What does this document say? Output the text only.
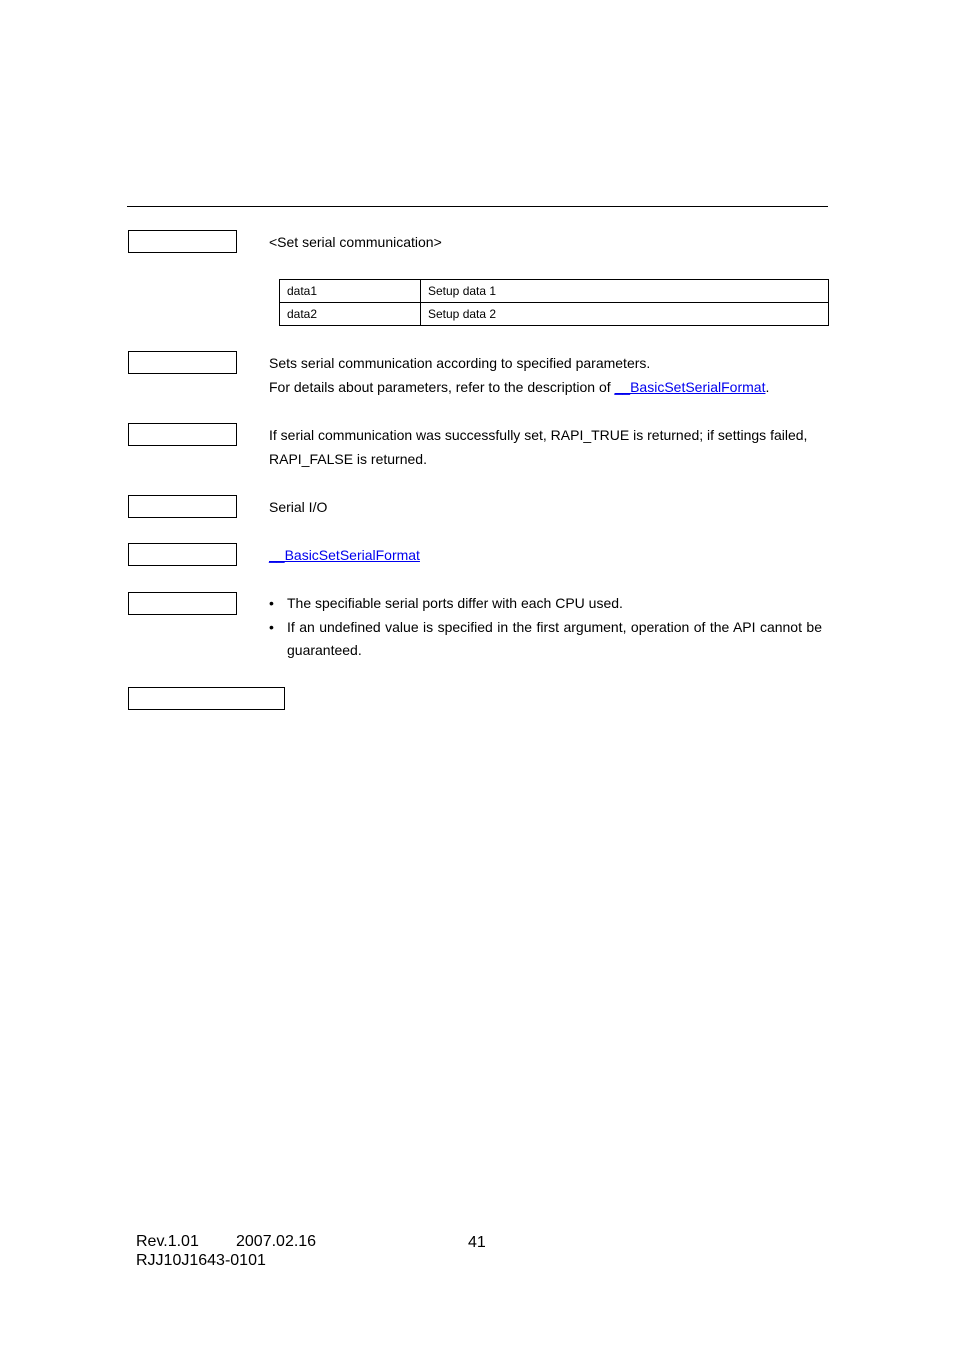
<Set serial communication>
data1	Setup data 1
data2	Setup data 2
Sets serial communication according to specified parameters.
For details about parameters, refer to the description of __BasicSetSerialFormat.
If serial communication was successfully set, RAPI_TRUE is returned; if settings failed,
RAPI_FALSE is returned.
Serial I/O
__BasicSetSerialFormat
• The specifiable serial ports differ with each CPU used.
• If an undefined value is specified in the first argument, operation of the API cannot be guaranteed.
Rev.1.01 2007.02.16	41
RJJ10J1643-0101
